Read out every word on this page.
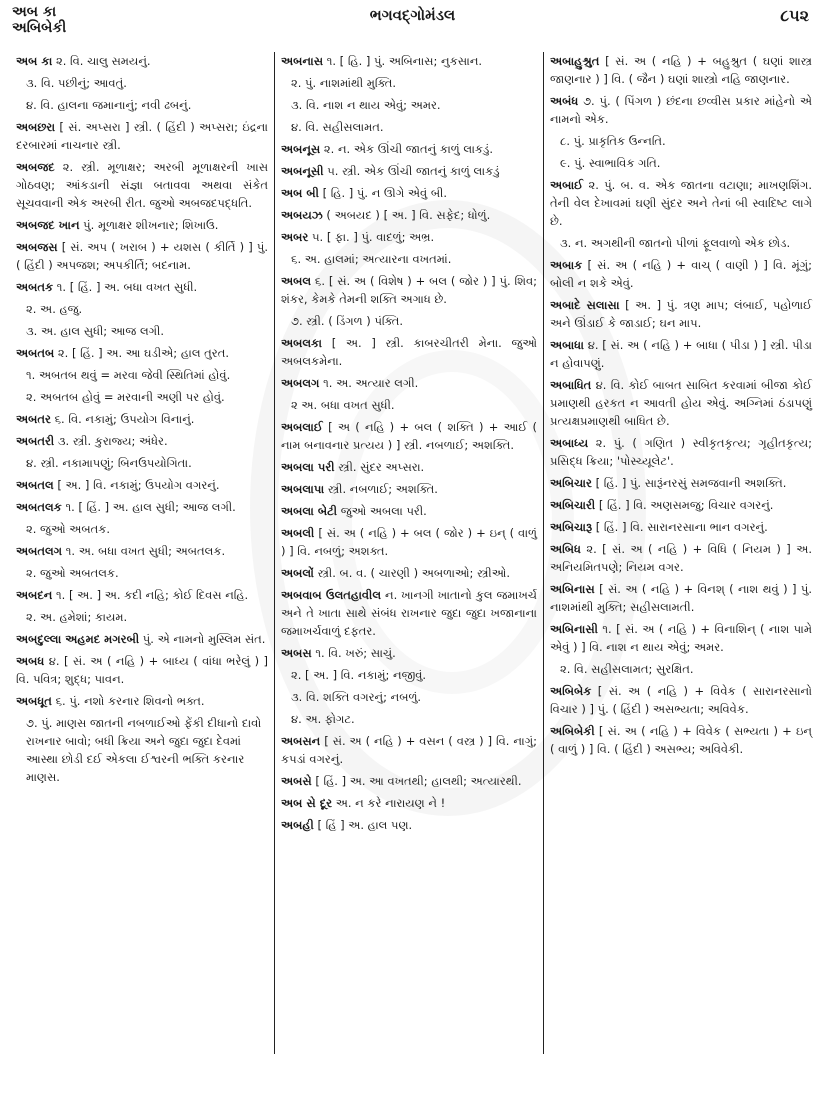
અબ કા
અબિબેકી
ભગવદ્ગોમંડલ	૮૫૨
અબ કા ૨. વિ. ચાલુ સમયનું.
૩. વિ. પછીનું; આવતું.
૪. વિ. હાલના જમાનાનું; નવી ઢબનું.
અબછરા [ સં. અપ્સરા ] સ્ત્રી. ( હિંદી ) અપ્સરા; ઇંદ્રના દરબારમાં નાચનાર સ્ત્રી.
અબજદ ૨. સ્ત્રી. મૂળાક્ષર; અરબી મૂળાક્ષરની ખાસ ગોઠવણ; આંકડાની સંજ્ઞા બતાવવા અથવા સંકેત સૂચવવાની એક અરબી રીત. જુઓ અબજદપદ્ધતિ.
અબજદ ખાન પું. મૂળાક્ષર શીખનાર; શિખાઉ.
અબજસ [ સં. અપ ( ખરાબ ) + યશસ ( કીર્તિ ) ] પું. ( હિંદી ) અપજશ; અપકીર્તિ; બદનામ.
અબતક ૧. [ હિં. ] અ. બધા વખત સુધી.
૨. અ. હજુ.
૩. અ. હાલ સુધી; આજ લગી.
અબતબ ૨. [ હિં. ] અ. આ ઘડીએ; હાલ તુરત.
૧. અબતબ થવું = મરવા જેવી સ્થિતિમાં હોવું.
૨. અબતબ હોવું = મરવાની અણી પર હોવું.
અબતર ૬. વિ. નકામું; ઉપયોગ વિનાનું.
અબતરી ૩. સ્ત્રી. કુરાજ્ય; અંધેર.
૪. સ્ત્રી. નકામાપણું; બિનઉપયોગિતા.
અબતલ [ અ. ] વિ. નકામું; ઉપયોગ વગરનું.
અબતલક ૧. [ હિં. ] અ. હાલ સુધી; આજ લગી.
૨. જુઓ અબતક.
અબતલગ ૧. અ. બધા વખત સુધી; અબતલક.
૨. જુઓ અબતલક.
અબદન ૧. [ અ. ] અ. કદી નહિ; કોઈ દિવસ નહિ.
૨. અ. હમેશાં; કાયમ.
અબદુલ્લા અહમદ મગરબી પું. એ નામનો મુસ્લિમ સંત.
અબધ ૪. [ સં. અ ( નહિ ) + બાધ્ય ( વાંધા ભરેલું ) ] વિ. પવિત્ર; શુદ્ધ; પાવન.
અબધૂત ૬. પું. નશો કરનાર શિવનો ભક્ત.
૭. પું. માણસ જાતની નબળાઈઓ ફેંકી દીધાનો દાવો રાખનાર બાવો; બધી ક્રિયા અને જુદા જુદા દેવમાં આસ્થા છોડી દઈ એકલા ઈશ્વરની ભક્તિ કરનાર માણસ.
અબનાસ ૧. [ હિ. ] પું. અબિનાસ; નુકસાન.
૨. પું. નાશમાંથી મુક્તિ.
૩. વિ. નાશ ન થાય એવું; અમર.
૪. વિ. સહીસલામત.
અબનૂસ ૨. ન. એક ઊંચી જાતનું કાળું લાકડું.
અબનૂસી ૫. સ્ત્રી. એક ઊંચી જાતનું કાળું લાકડું
અબ બી [ હિ. ] પું. ન ઊગે એવું બી.
અબયઝ ( અબયદ ) [ અ. ] વિ. સફેદ; ધોળું.
અબર ૫. [ ફા. ] પું. વાદળું; અભ્ર.
૬. અ. હાલમાં; અત્યારના વખતમાં.
અબલ ૬. [ સં. અ ( વિશેષ ) + બલ ( જોર ) ] પું. શિવ; શંકર, કેમકે તેમની શક્તિ અગાધ છે.
૭. સ્ત્રી. ( ડિંગળ ) પંક્તિ.
અબલકા [ અ. ] સ્ત્રી. કાબરચીતરી મેના. જુઓ અબલકમેના.
અબલગ ૧. અ. અત્યાર લગી.
૨ અ. બધા વખત સુધી.
અબલાઈ [ અ ( નહિ ) + બલ ( શક્તિ ) + આઈ ( નામ બનાવનાર પ્રત્યય ) ] સ્ત્રી. નબળાઈ; અશક્તિ.
અબલા પરી સ્ત્રી. સુંદર અપ્સરા.
અબલાપા સ્ત્રી. નબળાઈ; અશક્તિ.
અબલા બેટી જુઓ અબલા પરી.
અબલી [ સં. અ ( નહિ ) + બલ ( જોર ) + ઇન્ ( વાળું ) ] વિ. નબળું; અશક્ત.
અબલોં સ્ત્રી. બ. વ. ( ચારણી ) અબળાઓ; સ્ત્રીઓ.
અબવાબ ઉલતહાવીલ ન. ખાનગી ખાતાનો કુલ જમાખર્ચ અને તે ખાતા સાથે સંબંધ રાખનાર જુદા જુદા ખજાનાના જમાખર્ચવાળું દફતર.
અબસ ૧. વિ. ખરું; સાચું.
૨. [ અ. ] વિ. નકામું; નજીવું.
૩. વિ. શક્તિ વગરનું; નબળું.
૪. અ. ફોગટ.
અબસન [ સં. અ ( નહિ ) + વસન ( વસ્ત્ર ) ] વિ. નાગું; કપડાં વગરનું.
અબસે [ હિં. ] અ. આ વખતથી; હાલથી; અત્યારથી.
અબ સે દૂર અ. ન કરે નારાયણ ને !
અબહી [ હિં ] અ. હાલ પણ.
અબાહુશ્રુત [ સં. અ ( નહિ ) + બહુશ્રુત ( ઘણાં શાસ્ત્ર જાણનાર ) ] વિ. ( જૈન ) ઘણાં શાસ્ત્રો નહિ જાણનાર.
અબંધ ૭. પું. ( પિંગળ ) છંદના છવ્વીસ પ્રકાર માંહેનો એ નામનો એક.
૮. પું. પ્રાકૃતિક ઉન્નતિ.
૯. પું. સ્વાભાવિક ગતિ.
અબાઈ ૨. પું. બ. વ. એક જાતના વટાણા; માખણશિંગ. તેની વેલ દેખાવમાં ઘણી સુંદર અને તેનાં બી સ્વાદિષ્ટ લાગે છે.
૩. ન. અગથીની જાતનો પીળાં ફૂલવાળો એક છોડ.
અબાક [ સં. અ ( નહિ ) + વાચ્ ( વાણી ) ] વિ. મૂંગું; બોલી ન શકે એવું.
અબાદે સલાસા [ અ. ] પું. ત્રણ માપ; લંબાઈ, પહોળાઈ અને ઊંડાઈ કે જાડાઈ; ઘન માપ.
અબાધા ૪. [ સં. અ ( નહિ ) + બાધા ( પીડા ) ] સ્ત્રી. પીડા ન હોવાપણું.
અબાધિત ૪. વિ. કોઈ બાબત સાબિત કરવામાં બીજા કોઈ પ્રમાણથી હરકત ન આવતી હોય એવું. અગ્નિમાં ઠંડાપણું પ્રત્યક્ષપ્રમાણથી બાધિત છે.
અબાધ્ય ૨. પું. ( ગણિત ) સ્વીકૃતકૃત્ય; ગૃહીતકૃત્ય; પ્રસિદ્ધ ક્રિયા; 'પોસ્ચ્યૂલેટ'.
અબિચાર [ હિં. ] પું. સારૂંનરસું સમજવાની અશક્તિ.
અબિચારી [ હિં. ] વિ. અણસમજુ; વિચાર વગરનું.
અબિચારૂ [ હિં. ] વિ. સારાનરસાના ભાન વગરનું.
અબિધ ૨. [ સં. અ ( નહિ ) + વિધિ ( નિયમ ) ] અ. અનિયમિતપણે; નિયમ વગર.
અબિનાસ [ સં. અ ( નહિ ) + વિનશ્ ( નાશ થવું ) ] પું. નાશમાંથી મુક્તિ; સહીસલામતી.
અબિનાસી ૧. [ સં. અ ( નહિ ) + વિનાશિન્ ( નાશ પામે એવું ) ] વિ. નાશ ન થાય એવું; અમર.
૨. વિ. સહીસલામત; સુરક્ષિત.
અબિબેક [ સં. અ ( નહિ ) + વિવેક ( સારાનરસાનો વિચાર ) ] પું. ( હિંદી ) અસભ્યતા; અવિવેક.
અબિબેકી [ સં. અ ( નહિ ) + વિવેક ( સભ્યતા ) + ઇન્ ( વાળું ) ] વિ. ( હિંદી ) અસભ્ય; અવિવેકી.
